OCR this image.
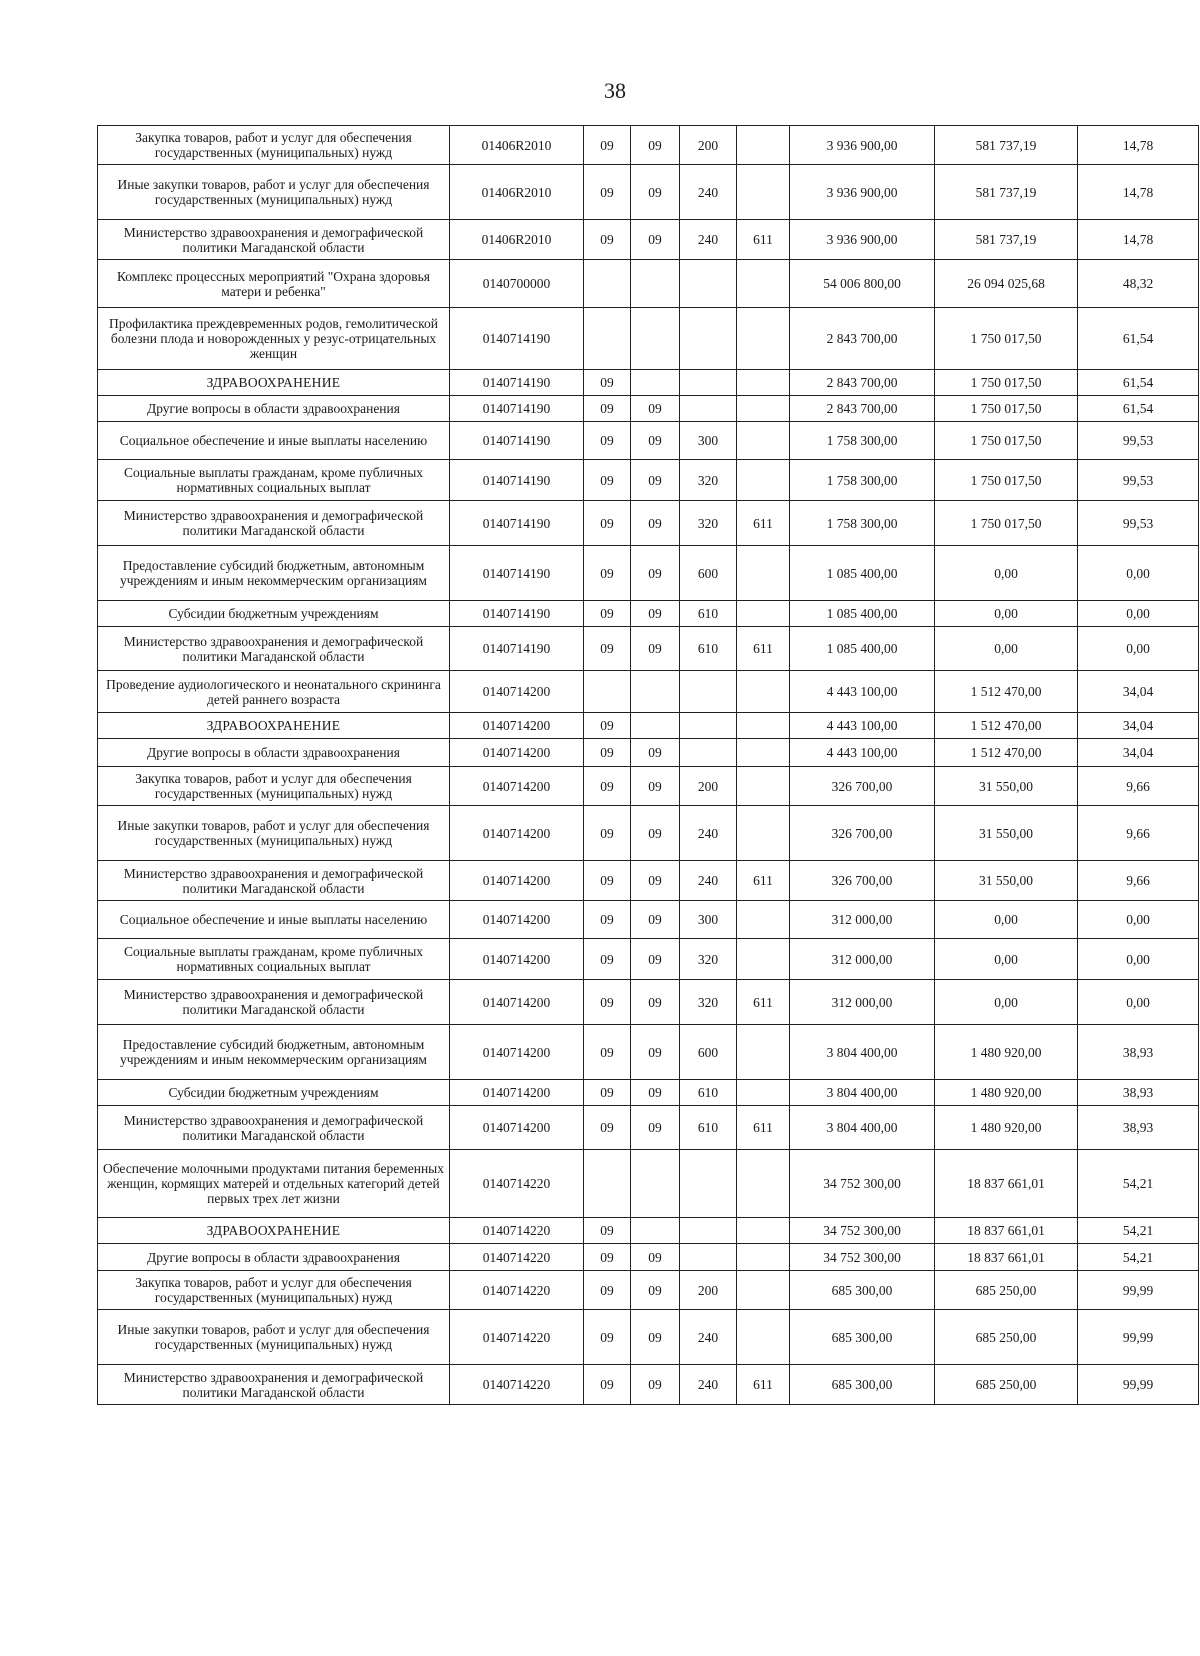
38
Закупка товаров, работ и услуг для обеспечения государственных (муниципальных) нужд	01406R2010	09	09	200		3 936 900,00	581 737,19	14,78
Иные закупки товаров, работ и услуг для обеспечения государственных (муниципальных) нужд	01406R2010	09	09	240		3 936 900,00	581 737,19	14,78
Министерство здравоохранения и демографической политики Магаданской области	01406R2010	09	09	240	611	3 936 900,00	581 737,19	14,78
Комплекс процессных мероприятий "Охрана здоровья матери и ребенка"	0140700000					54 006 800,00	26 094 025,68	48,32
Профилактика преждевременных родов, гемолитической болезни плода и новорожденных у резус-отрицательных женщин	0140714190					2 843 700,00	1 750 017,50	61,54
ЗДРАВООХРАНЕНИЕ	0140714190	09				2 843 700,00	1 750 017,50	61,54
Другие вопросы в области здравоохранения	0140714190	09	09			2 843 700,00	1 750 017,50	61,54
Социальное обеспечение и иные выплаты населению	0140714190	09	09	300		1 758 300,00	1 750 017,50	99,53
Социальные выплаты гражданам, кроме публичных нормативных социальных выплат	0140714190	09	09	320		1 758 300,00	1 750 017,50	99,53
Министерство здравоохранения и демографической политики Магаданской области	0140714190	09	09	320	611	1 758 300,00	1 750 017,50	99,53
Предоставление субсидий бюджетным, автономным учреждениям и иным некоммерческим организациям	0140714190	09	09	600		1 085 400,00	0,00	0,00
Субсидии бюджетным учреждениям	0140714190	09	09	610		1 085 400,00	0,00	0,00
Министерство здравоохранения и демографической политики Магаданской области	0140714190	09	09	610	611	1 085 400,00	0,00	0,00
Проведение аудиологического и неонатального скрининга детей раннего возраста	0140714200					4 443 100,00	1 512 470,00	34,04
ЗДРАВООХРАНЕНИЕ	0140714200	09				4 443 100,00	1 512 470,00	34,04
Другие вопросы в области здравоохранения	0140714200	09	09			4 443 100,00	1 512 470,00	34,04
Закупка товаров, работ и услуг для обеспечения государственных (муниципальных) нужд	0140714200	09	09	200		326 700,00	31 550,00	9,66
Иные закупки товаров, работ и услуг для обеспечения государственных (муниципальных) нужд	0140714200	09	09	240		326 700,00	31 550,00	9,66
Министерство здравоохранения и демографической политики Магаданской области	0140714200	09	09	240	611	326 700,00	31 550,00	9,66
Социальное обеспечение и иные выплаты населению	0140714200	09	09	300		312 000,00	0,00	0,00
Социальные выплаты гражданам, кроме публичных нормативных социальных выплат	0140714200	09	09	320		312 000,00	0,00	0,00
Министерство здравоохранения и демографической политики Магаданской области	0140714200	09	09	320	611	312 000,00	0,00	0,00
Предоставление субсидий бюджетным, автономным учреждениям и иным некоммерческим организациям	0140714200	09	09	600		3 804 400,00	1 480 920,00	38,93
Субсидии бюджетным учреждениям	0140714200	09	09	610		3 804 400,00	1 480 920,00	38,93
Министерство здравоохранения и демографической политики Магаданской области	0140714200	09	09	610	611	3 804 400,00	1 480 920,00	38,93
Обеспечение молочными продуктами питания беременных женщин, кормящих матерей и отдельных категорий детей первых трех лет жизни	0140714220					34 752 300,00	18 837 661,01	54,21
ЗДРАВООХРАНЕНИЕ	0140714220	09				34 752 300,00	18 837 661,01	54,21
Другие вопросы в области здравоохранения	0140714220	09	09			34 752 300,00	18 837 661,01	54,21
Закупка товаров, работ и услуг для обеспечения государственных (муниципальных) нужд	0140714220	09	09	200		685 300,00	685 250,00	99,99
Иные закупки товаров, работ и услуг для обеспечения государственных (муниципальных) нужд	0140714220	09	09	240		685 300,00	685 250,00	99,99
Министерство здравоохранения и демографической политики Магаданской области	0140714220	09	09	240	611	685 300,00	685 250,00	99,99
